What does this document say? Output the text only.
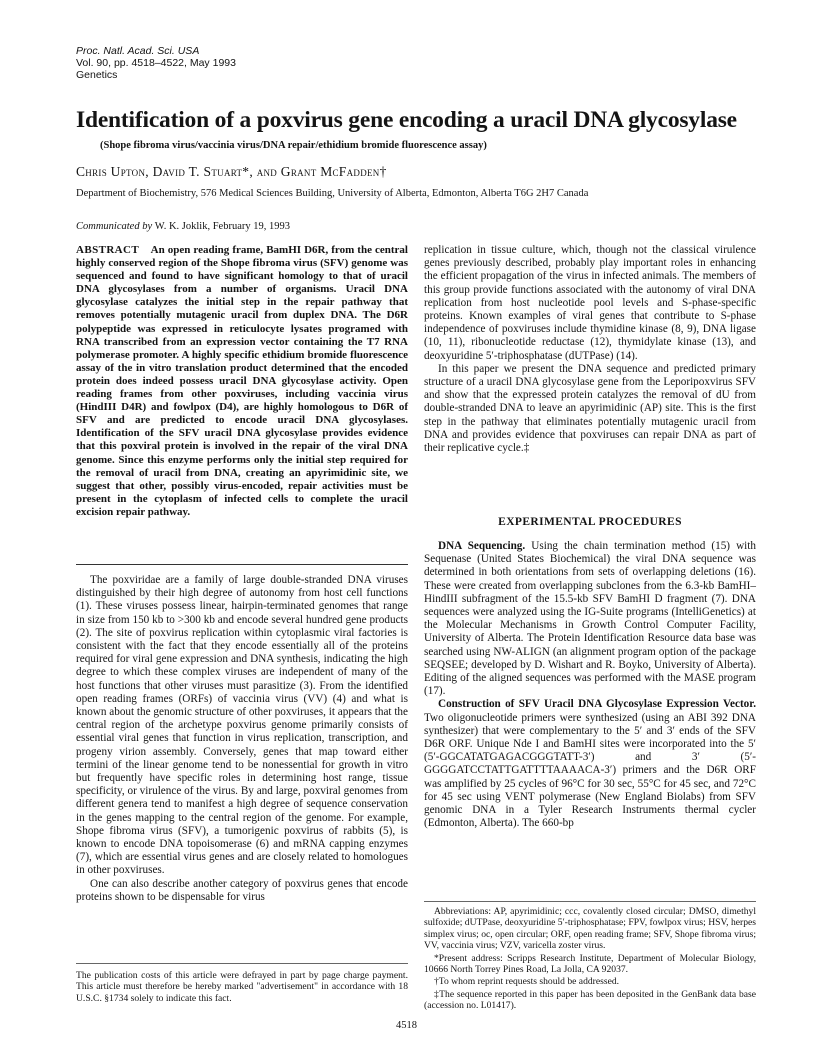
Proc. Natl. Acad. Sci. USA
Vol. 90, pp. 4518–4522, May 1993
Genetics
Identification of a poxvirus gene encoding a uracil DNA glycosylase
(Shope fibroma virus/vaccinia virus/DNA repair/ethidium bromide fluorescence assay)
Chris Upton, David T. Stuart*, and Grant McFadden†
Department of Biochemistry, 576 Medical Sciences Building, University of Alberta, Edmonton, Alberta T6G 2H7 Canada
Communicated by W. K. Joklik, February 19, 1993
ABSTRACT An open reading frame, BamHI D6R, from the central highly conserved region of the Shope fibroma virus (SFV) genome was sequenced and found to have significant homology to that of uracil DNA glycosylases from a number of organisms. Uracil DNA glycosylase catalyzes the initial step in the repair pathway that removes potentially mutagenic uracil from duplex DNA. The D6R polypeptide was expressed in reticulocyte lysates programed with RNA transcribed from an expression vector containing the T7 RNA polymerase promoter. A highly specific ethidium bromide fluorescence assay of the in vitro translation product determined that the encoded protein does indeed possess uracil DNA glycosylase activity. Open reading frames from other poxviruses, including vaccinia virus (HindIII D4R) and fowlpox (D4), are highly homologous to D6R of SFV and are predicted to encode uracil DNA glycosylases. Identification of the SFV uracil DNA glycosylase provides evidence that this poxviral protein is involved in the repair of the viral DNA genome. Since this enzyme performs only the initial step required for the removal of uracil from DNA, creating an apyrimidinic site, we suggest that other, possibly virus-encoded, repair activities must be present in the cytoplasm of infected cells to complete the uracil excision repair pathway.

The poxviridae are a family of large double-stranded DNA viruses distinguished by their high degree of autonomy from host cell functions (1). These viruses possess linear, hairpin-terminated genomes that range in size from 150 kb to >300 kb and encode several hundred gene products (2). The site of poxvirus replication within cytoplasmic viral factories is consistent with the fact that they encode essentially all of the proteins required for viral gene expression and DNA synthesis, indicating the high degree to which these complex viruses are independent of many of the host functions that other viruses must parasitize (3). From the identified open reading frames (ORFs) of vaccinia virus (VV) (4) and what is known about the genomic structure of other poxviruses, it appears that the central region of the archetype poxvirus genome primarily consists of essential viral genes that function in virus replication, transcription, and progeny virion assembly. Conversely, genes that map toward either termini of the linear genome tend to be nonessential for growth in vitro but frequently have specific roles in determining host range, tissue specificity, or virulence of the virus. By and large, poxviral genomes from different genera tend to manifest a high degree of sequence conservation in the genes mapping to the central region of the genome. For example, Shope fibroma virus (SFV), a tumorigenic poxvirus of rabbits (5), is known to encode DNA topoisomerase (6) and mRNA capping enzymes (7), which are essential virus genes and are closely related to homologues in other poxviruses.

One can also describe another category of poxvirus genes that encode proteins shown to be dispensable for virus

replication in tissue culture, which, though not the classical virulence genes previously described, probably play important roles in enhancing the efficient propagation of the virus in infected animals. The members of this group provide functions associated with the autonomy of viral DNA replication from host nucleotide pool levels and S-phase-specific proteins. Known examples of viral genes that contribute to S-phase independence of poxviruses include thymidine kinase (8, 9), DNA ligase (10, 11), ribonucleotide reductase (12), thymidylate kinase (13), and deoxyuridine 5′-triphosphatase (dUTPase) (14).

In this paper we present the DNA sequence and predicted primary structure of a uracil DNA glycosylase gene from the Leporipoxvirus SFV and show that the expressed protein catalyzes the removal of dU from double-stranded DNA to leave an apyrimidinic (AP) site. This is the first step in the pathway that eliminates potentially mutagenic uracil from DNA and provides evidence that poxviruses can repair DNA as part of their replicative cycle.‡

EXPERIMENTAL PROCEDURES

DNA Sequencing. Using the chain termination method (15) with Sequenase (United States Biochemical) the viral DNA sequence was determined in both orientations from sets of overlapping deletions (16). These were created from overlapping subclones from the 6.3-kb BamHI–HindIII subfragment of the 15.5-kb SFV BamHI D fragment (7). DNA sequences were analyzed using the IG-Suite programs (IntelliGenetics) at the Molecular Mechanisms in Growth Control Computer Facility, University of Alberta. The Protein Identification Resource data base was searched using NW-ALIGN (an alignment program option of the package SEQSEE; developed by D. Wishart and R. Boyko, University of Alberta). Editing of the aligned sequences was performed with the MASE program (17).

Construction of SFV Uracil DNA Glycosylase Expression Vector. Two oligonucleotide primers were synthesized (using an ABI 392 DNA synthesizer) that were complementary to the 5′ and 3′ ends of the SFV D6R ORF. Unique Nde I and BamHI sites were incorporated into the 5′ (5′-GGCATATGAGACGGGTATT-3′) and 3′ (5′-GGGGATCCTATTGATTTTAAAACA-3′) primers and the D6R ORF was amplified by 25 cycles of 96°C for 30 sec, 55°C for 45 sec, and 72°C for 45 sec using VENT polymerase (New England Biolabs) from SFV genomic DNA in a Tyler Research Instruments thermal cycler (Edmonton, Alberta). The 660-bp

Abbreviations: AP, apyrimidinic; ccc, covalently closed circular; DMSO, dimethyl sulfoxide; dUTPase, deoxyuridine 5′-triphosphatase; FPV, fowlpox virus; HSV, herpes simplex virus; oc, open circular; ORF, open reading frame; SFV, Shope fibroma virus; VV, vaccinia virus; VZV, varicella zoster virus.

*Present address: Scripps Research Institute, Department of Molecular Biology, 10666 North Torrey Pines Road, La Jolla, CA 92037.

†To whom reprint requests should be addressed.

‡The sequence reported in this paper has been deposited in the GenBank data base (accession no. L01417).

The publication costs of this article were defrayed in part by page charge payment. This article must therefore be hereby marked "advertisement" in accordance with 18 U.S.C. §1734 solely to indicate this fact.
4518
